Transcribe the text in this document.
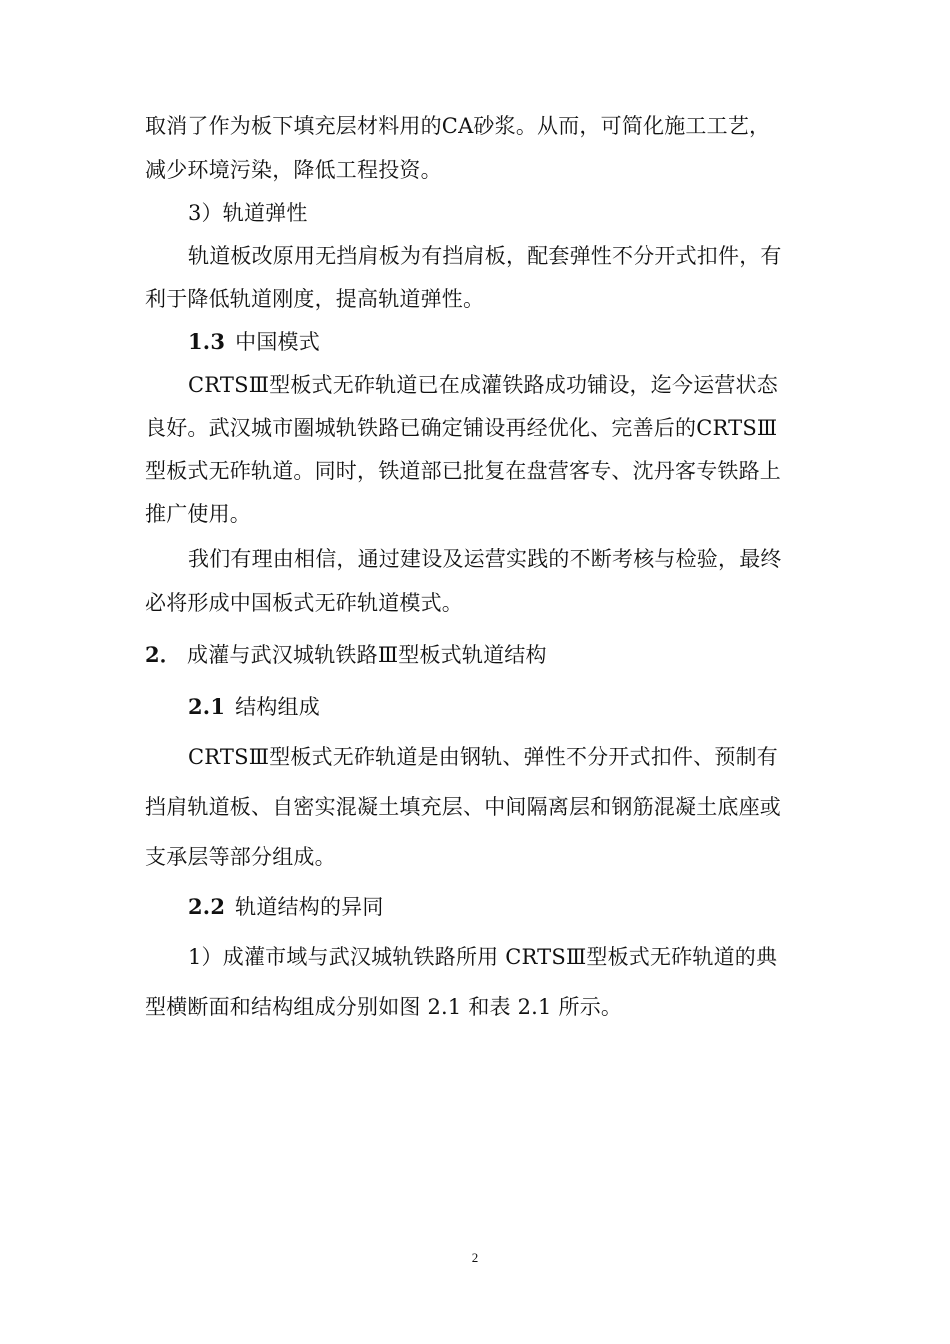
取消了作为板下填充层材料用的CA砂浆。从而，可简化施工工艺，
减少环境污染，降低工程投资。
3）轨道弹性
轨道板改原用无挡肩板为有挡肩板，配套弹性不分开式扣件，有
利于降低轨道刚度，提高轨道弹性。
1.3 中国模式
CRTSⅢ型板式无砟轨道已在成灌铁路成功铺设，迄今运营状态
良好。武汉城市圈城轨铁路已确定铺设再经优化、完善后的CRTSⅢ
型板式无砟轨道。同时，铁道部已批复在盘营客专、沈丹客专铁路上
推广使用。
我们有理由相信，通过建设及运营实践的不断考核与检验，最终
必将形成中国板式无砟轨道模式。
2． 成灌与武汉城轨铁路Ⅲ型板式轨道结构
2.1 结构组成
CRTSⅢ型板式无砟轨道是由钢轨、弹性不分开式扣件、预制有
挡肩轨道板、自密实混凝土填充层、中间隔离层和钢筋混凝土底座或
支承层等部分组成。
2.2 轨道结构的异同
1）成灌市域与武汉城轨铁路所用 CRTSⅢ型板式无砟轨道的典
型横断面和结构组成分别如图 2.1 和表 2.1 所示。
2
